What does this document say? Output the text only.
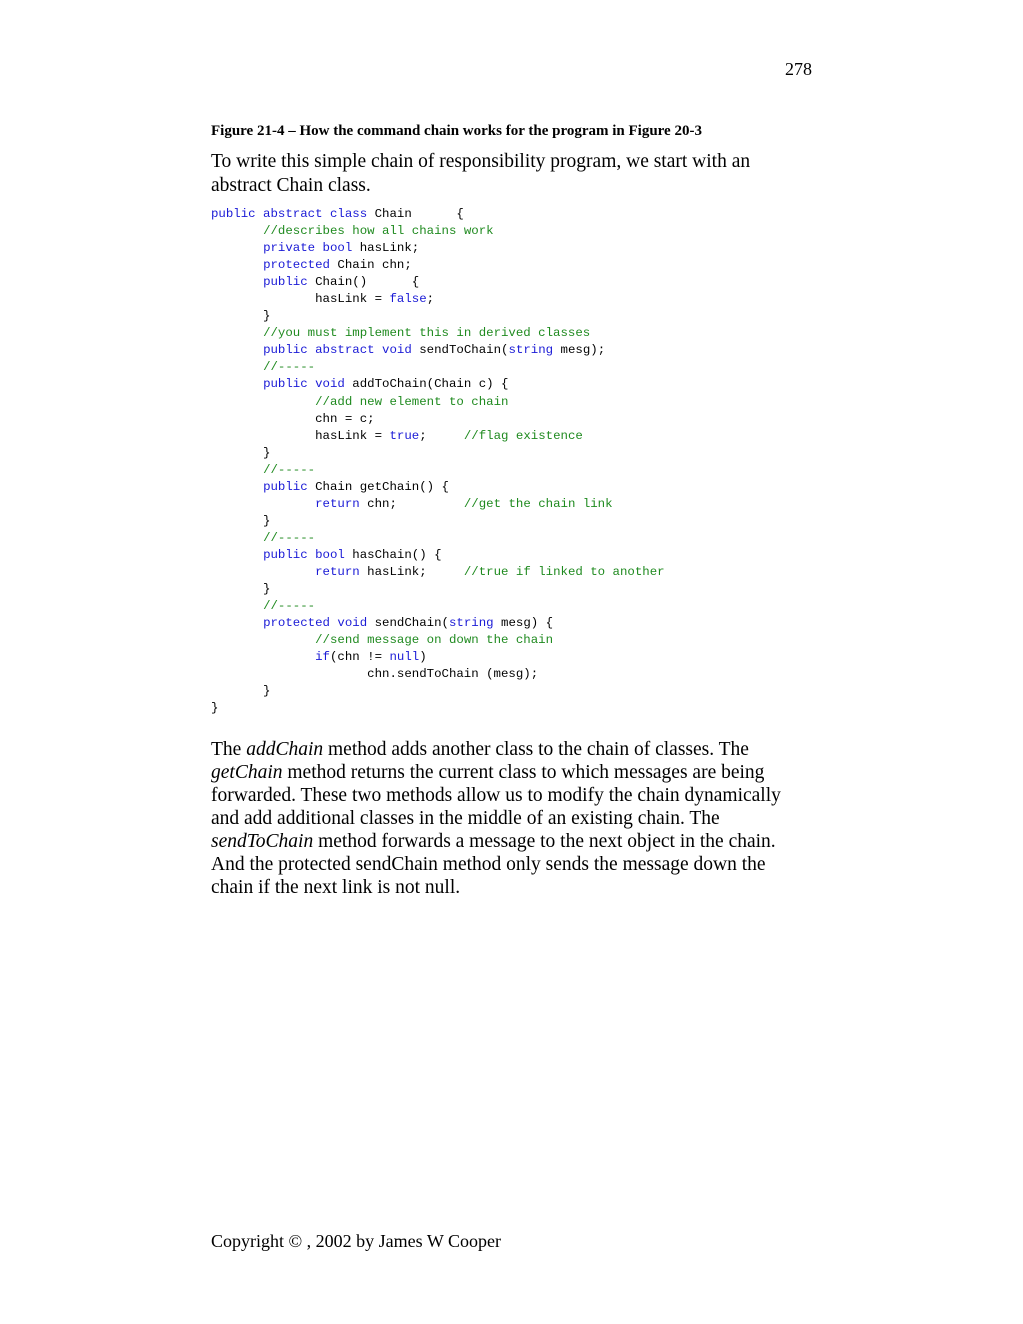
278
Figure 21-4 – How the command chain works for the program in Figure 20-3
To write this simple chain of responsibility program, we start with an
abstract Chain class.
public abstract class Chain      {
//describes how all chains work
private bool hasLink;
protected Chain chn;
public Chain()      {
hasLink = false;
}
//you must implement this in derived classes
public abstract void sendToChain(string mesg);
//-----
public void addToChain(Chain c) {
//add new element to chain
chn = c;
hasLink = true;     //flag existence
}
//-----
public Chain getChain() {
return chn;         //get the chain link
}
//-----
public bool hasChain() {
return hasLink;     //true if linked to another
}
//-----
protected void sendChain(string mesg) {
//send message on down the chain
if(chn != null)
chn.sendToChain (mesg);
}
}
The addChain method adds another class to the chain of classes. The
getChain method returns the current class to which messages are being
forwarded. These two methods allow us to modify the chain dynamically
and add additional classes in the middle of an existing chain. The
sendToChain method forwards a message to the next object in the chain.
And the protected sendChain method only sends the message down the
chain if the next link is not null.
Copyright © , 2002 by James W Cooper
